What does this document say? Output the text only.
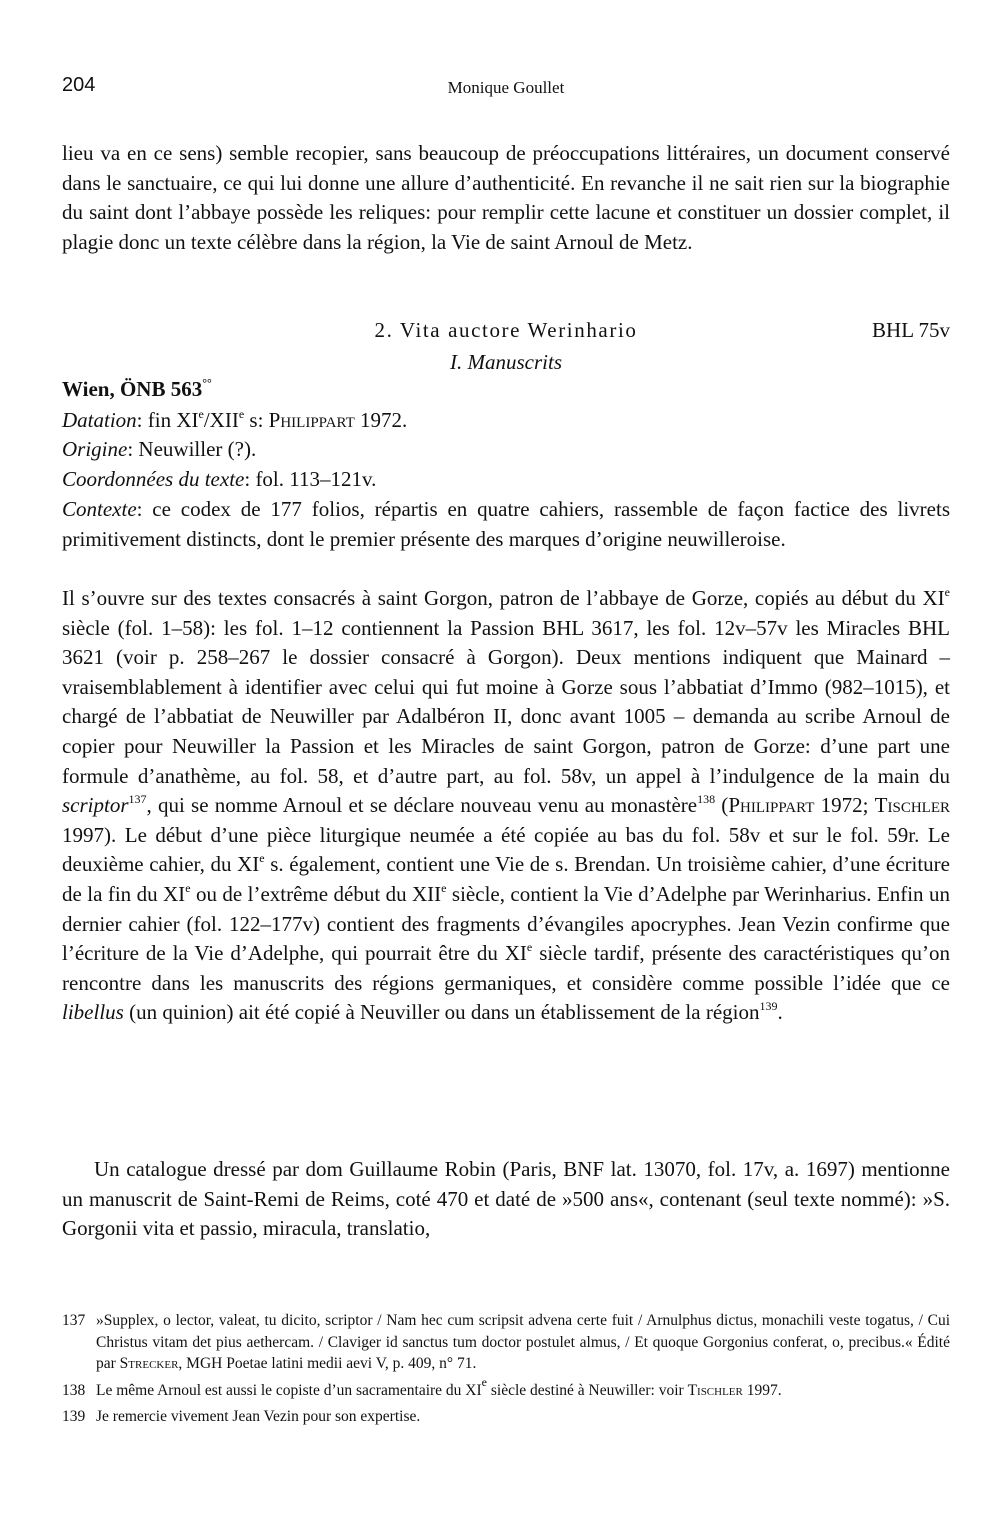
204	Monique Goullet

lieu va en ce sens) semble recopier, sans beaucoup de préoccupations littéraires, un document conservé dans le sanctuaire, ce qui lui donne une allure d’authenticité. En revanche il ne sait rien sur la biographie du saint dont l’abbaye possède les reliques: pour remplir cette lacune et constituer un dossier complet, il plagie donc un texte célèbre dans la région, la Vie de saint Arnoul de Metz.

2. Vita auctore Werinhario	BHL 75v
I. Manuscrits
Wien, ÖNB 563°°
Datation: fin XIe/XIIe s: Philippart 1972.
Origine: Neuwiller (?).
Coordonnées du texte: fol. 113–121v.

Contexte: ce codex de 177 folios, répartis en quatre cahiers, rassemble de façon factice des livrets primitivement distincts, dont le premier présente des marques d’origine neuwilleroise.

Il s’ouvre sur des textes consacrés à saint Gorgon, patron de l’abbaye de Gorze, copiés au début du XIe siècle (fol. 1–58): les fol. 1–12 contiennent la Passion BHL 3617, les fol. 12v–57v les Miracles BHL 3621 (voir p. 258–267 le dossier consacré à Gorgon). Deux mentions indiquent que Mainard – vraisemblablement à identifier avec celui qui fut moine à Gorze sous l’abbatiat d’Immo (982–1015), et chargé de l’abbatiat de Neuwiller par Adalbéron II, donc avant 1005 – demanda au scribe Arnoul de copier pour Neuwiller la Passion et les Miracles de saint Gorgon, patron de Gorze: d’une part une formule d’anathème, au fol. 58, et d’autre part, au fol. 58v, un appel à l’indulgence de la main du scriptor$^{137}$, qui se nomme Arnoul et se déclare nouveau venu au monastère$^{138}$ (Philippart 1972; Tischler 1997). Le début d’une pièce liturgique neumée a été copiée au bas du fol. 58v et sur le fol. 59r. Le deuxième cahier, du XIe s. également, contient une Vie de s. Brendan. Un troisième cahier, d’une écriture de la fin du XIe ou de l’extrême début du XIIe siècle, contient la Vie d’Adelphe par Werinharius. Enfin un dernier cahier (fol. 122–177v) contient des fragments d’évangiles apocryphes. Jean Vezin confirme que l’écriture de la Vie d’Adelphe, qui pourrait être du XIe siècle tardif, présente des caractéristiques qu’on rencontre dans les manuscrits des régions germaniques, et considère comme possible l’idée que ce libellus (un quinion) ait été copié à Neuviller ou dans un établissement de la région$^{139}$.

Un catalogue dressé par dom Guillaume Robin (Paris, BNF lat. 13070, fol. 17v, a. 1697) mentionne un manuscrit de Saint-Remi de Reims, coté 470 et daté de »500 ans«, contenant (seul texte nommé): »S. Gorgonii vita et passio, miracula, translatio,

137 »Supplex, o lector, valeat, tu dicito, scriptor / Nam hec cum scripsit advena certe fuit / Arnulphus dictus, monachili veste togatus, / Cui Christus vitam det pius aethercam. / Claviger id sanctus tum doctor postulet almus, / Et quoque Gorgonius conferat, o, precibus.« Édité par Strecker, MGH Poetae latini medii aevi V, p. 409, n° 71.
138 Le même Arnoul est aussi le copiste d’un sacramentaire du XIe siècle destiné à Neuwiller: voir Tischler 1997.
139 Je remercie vivement Jean Vezin pour son expertise.
